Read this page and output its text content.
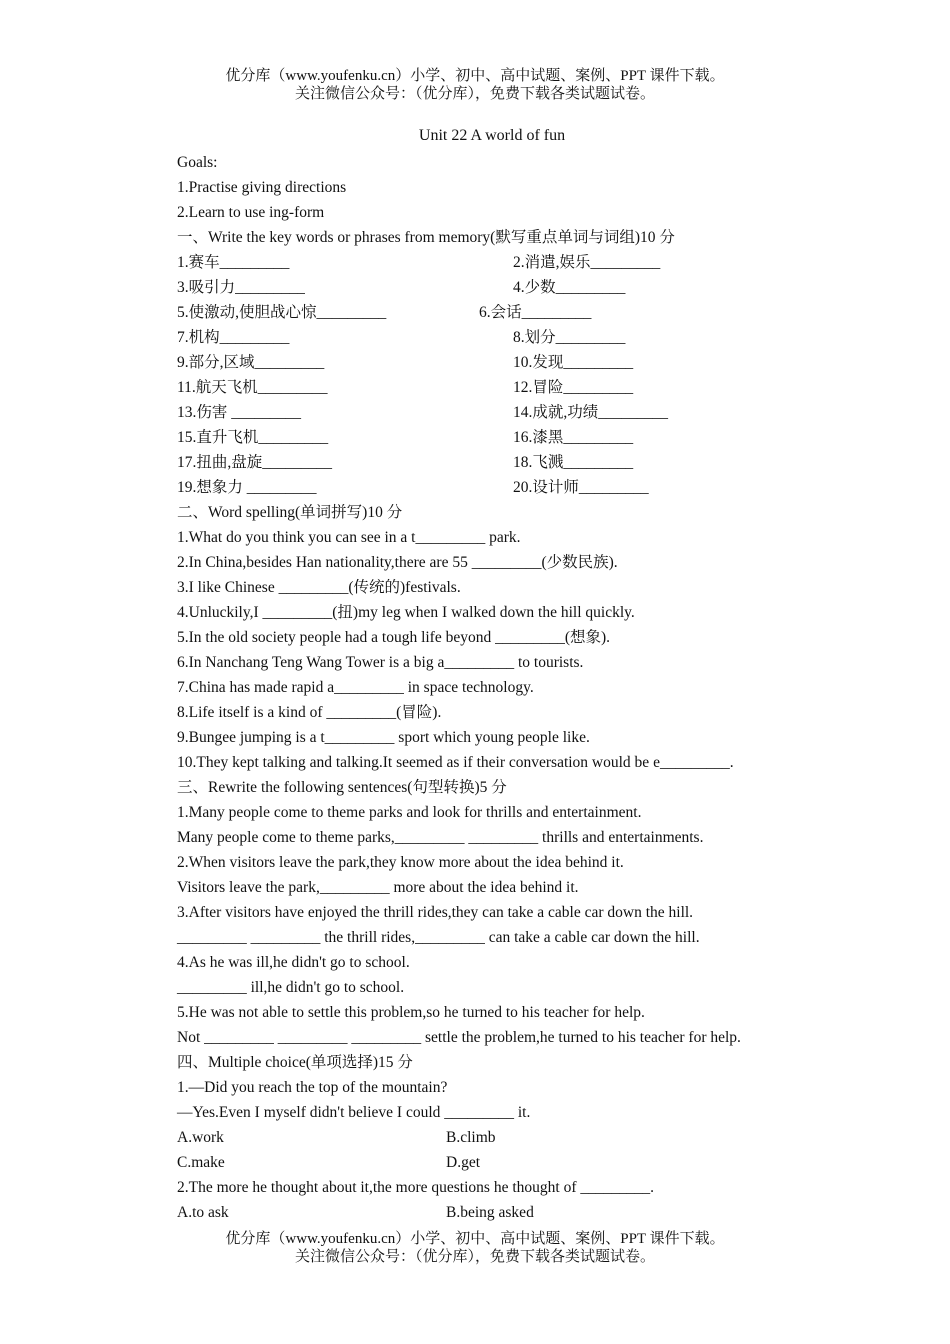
优分库（www.youfenku.cn）小学、初中、高中试题、案例、PPT 课件下载。
关注微信公众号：（优分库），免费下载各类试题试卷。
Unit 22 A world of fun
Goals:
1.Practise giving directions
2.Learn to use ing-form
一、Write the key words or phrases from memory(默写重点单词与词组)10 分
1.赛车_________	2.消遣,娱乐_________
3.吸引力_________	4.少数_________
5.使激动,使胆战心惊_________	6.会话_________
7.机构_________	8.划分_________
9.部分,区域_________	10.发现_________
11.航天飞机_________	12.冒险_________
13.伤害 _________	14.成就,功绩_________
15.直升飞机_________	16.漆黑_________
17.扭曲,盘旋_________	18.飞溅_________
19.想象力 _________	20.设计师_________
二、Word spelling(单词拼写)10 分
1.What do you think you can see in a t_________ park.
2.In China,besides Han nationality,there are 55 _________(少数民族).
3.I like Chinese _________(传统的)festivals.
4.Unluckily,I _________(扭)my leg when I walked down the hill quickly.
5.In the old society people had a tough life beyond _________(想象).
6.In Nanchang Teng Wang Tower is a big a_________ to tourists.
7.China has made rapid a_________ in space technology.
8.Life itself is a kind of _________(冒险).
9.Bungee jumping is a t_________ sport which young people like.
10.They kept talking and talking.It seemed as if their conversation would be e_________.
三、Rewrite the following sentences(句型转换)5 分
1.Many people come to theme parks and look for thrills and entertainment.
Many people come to theme parks,_________ _________ thrills and entertainments.
2.When visitors leave the park,they know more about the idea behind it.
Visitors leave the park,_________ more about the idea behind it.
3.After visitors have enjoyed the thrill rides,they can take a cable car down the hill.
_________ _________ the thrill rides,_________ can take a cable car down the hill.
4.As he was ill,he didn't go to school.
_________ ill,he didn't go to school.
5.He was not able to settle this problem,so he turned to his teacher for help.
Not _________ _________ _________ settle the problem,he turned to his teacher for help.
四、Multiple choice(单项选择)15 分
1.—Did you reach the top of the mountain?
—Yes.Even I myself didn't believe I could _________ it.
A.work	B.climb
C.make	D.get
2.The more he thought about it,the more questions he thought of _________.
A.to ask	B.being asked
优分库（www.youfenku.cn）小学、初中、高中试题、案例、PPT 课件下载。
关注微信公众号：（优分库），免费下载各类试题试卷。
